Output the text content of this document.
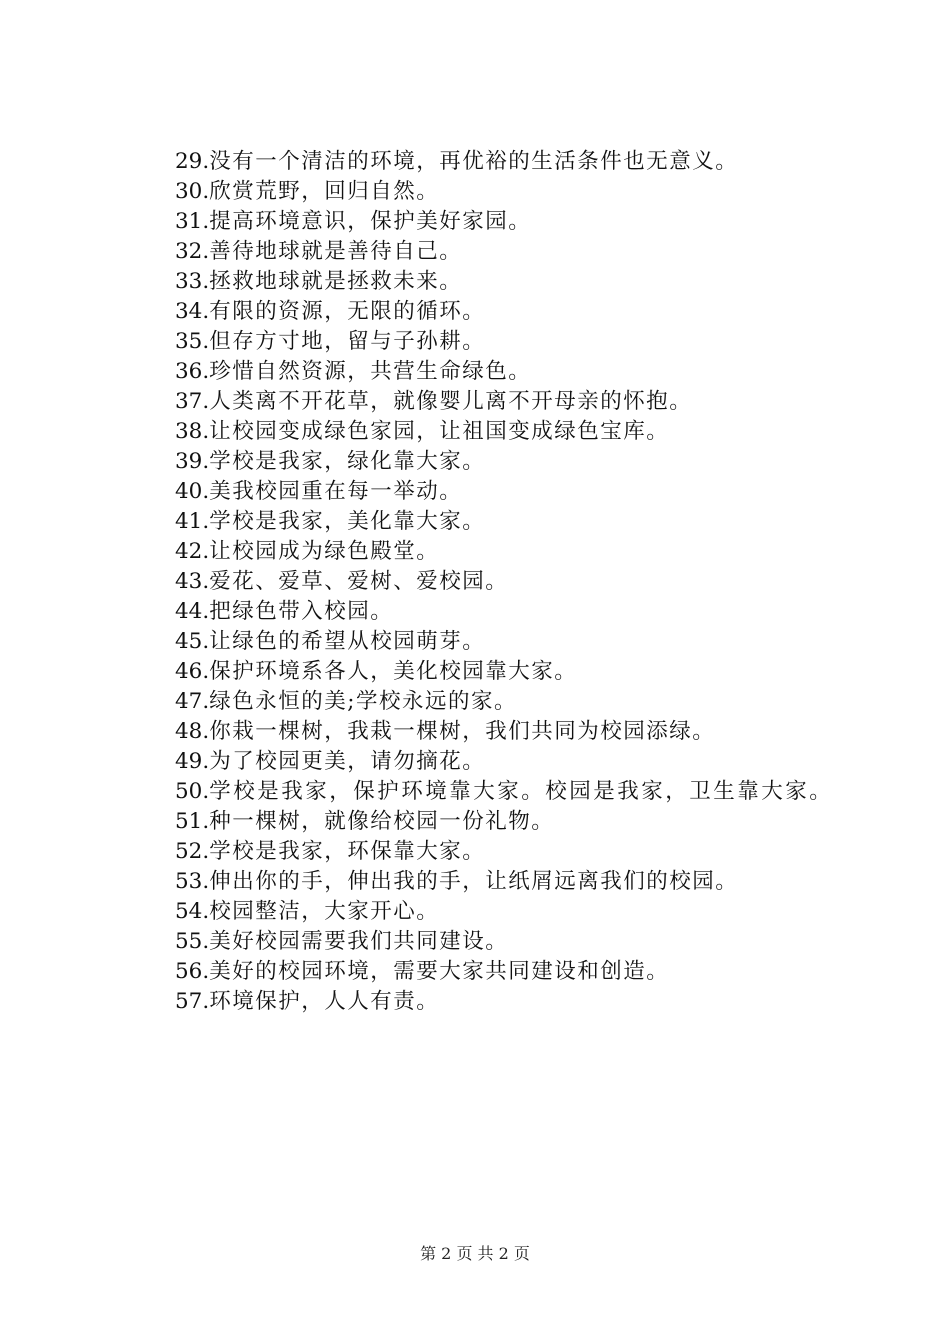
29.没有一个清洁的环境，再优裕的生活条件也无意义。
30.欣赏荒野，回归自然。
31.提高环境意识，保护美好家园。
32.善待地球就是善待自己。
33.拯救地球就是拯救未来。
34.有限的资源，无限的循环。
35.但存方寸地，留与子孙耕。
36.珍惜自然资源，共营生命绿色。
37.人类离不开花草，就像婴儿离不开母亲的怀抱。
38.让校园变成绿色家园，让祖国变成绿色宝库。
39.学校是我家，绿化靠大家。
40.美我校园重在每一举动。
41.学校是我家，美化靠大家。
42.让校园成为绿色殿堂。
43.爱花、爱草、爱树、爱校园。
44.把绿色带入校园。
45.让绿色的希望从校园萌芽。
46.保护环境系各人，美化校园靠大家。
47.绿色永恒的美;学校永远的家。
48.你栽一棵树，我栽一棵树，我们共同为校园添绿。
49.为了校园更美，请勿摘花。
50.学校是我家，保护环境靠大家。校园是我家，卫生靠大家。
51.种一棵树，就像给校园一份礼物。
52.学校是我家，环保靠大家。
53.伸出你的手，伸出我的手，让纸屑远离我们的校园。
54.校园整洁，大家开心。
55.美好校园需要我们共同建设。
56.美好的校园环境，需要大家共同建设和创造。
57.环境保护，人人有责。
第 2 页 共 2 页
